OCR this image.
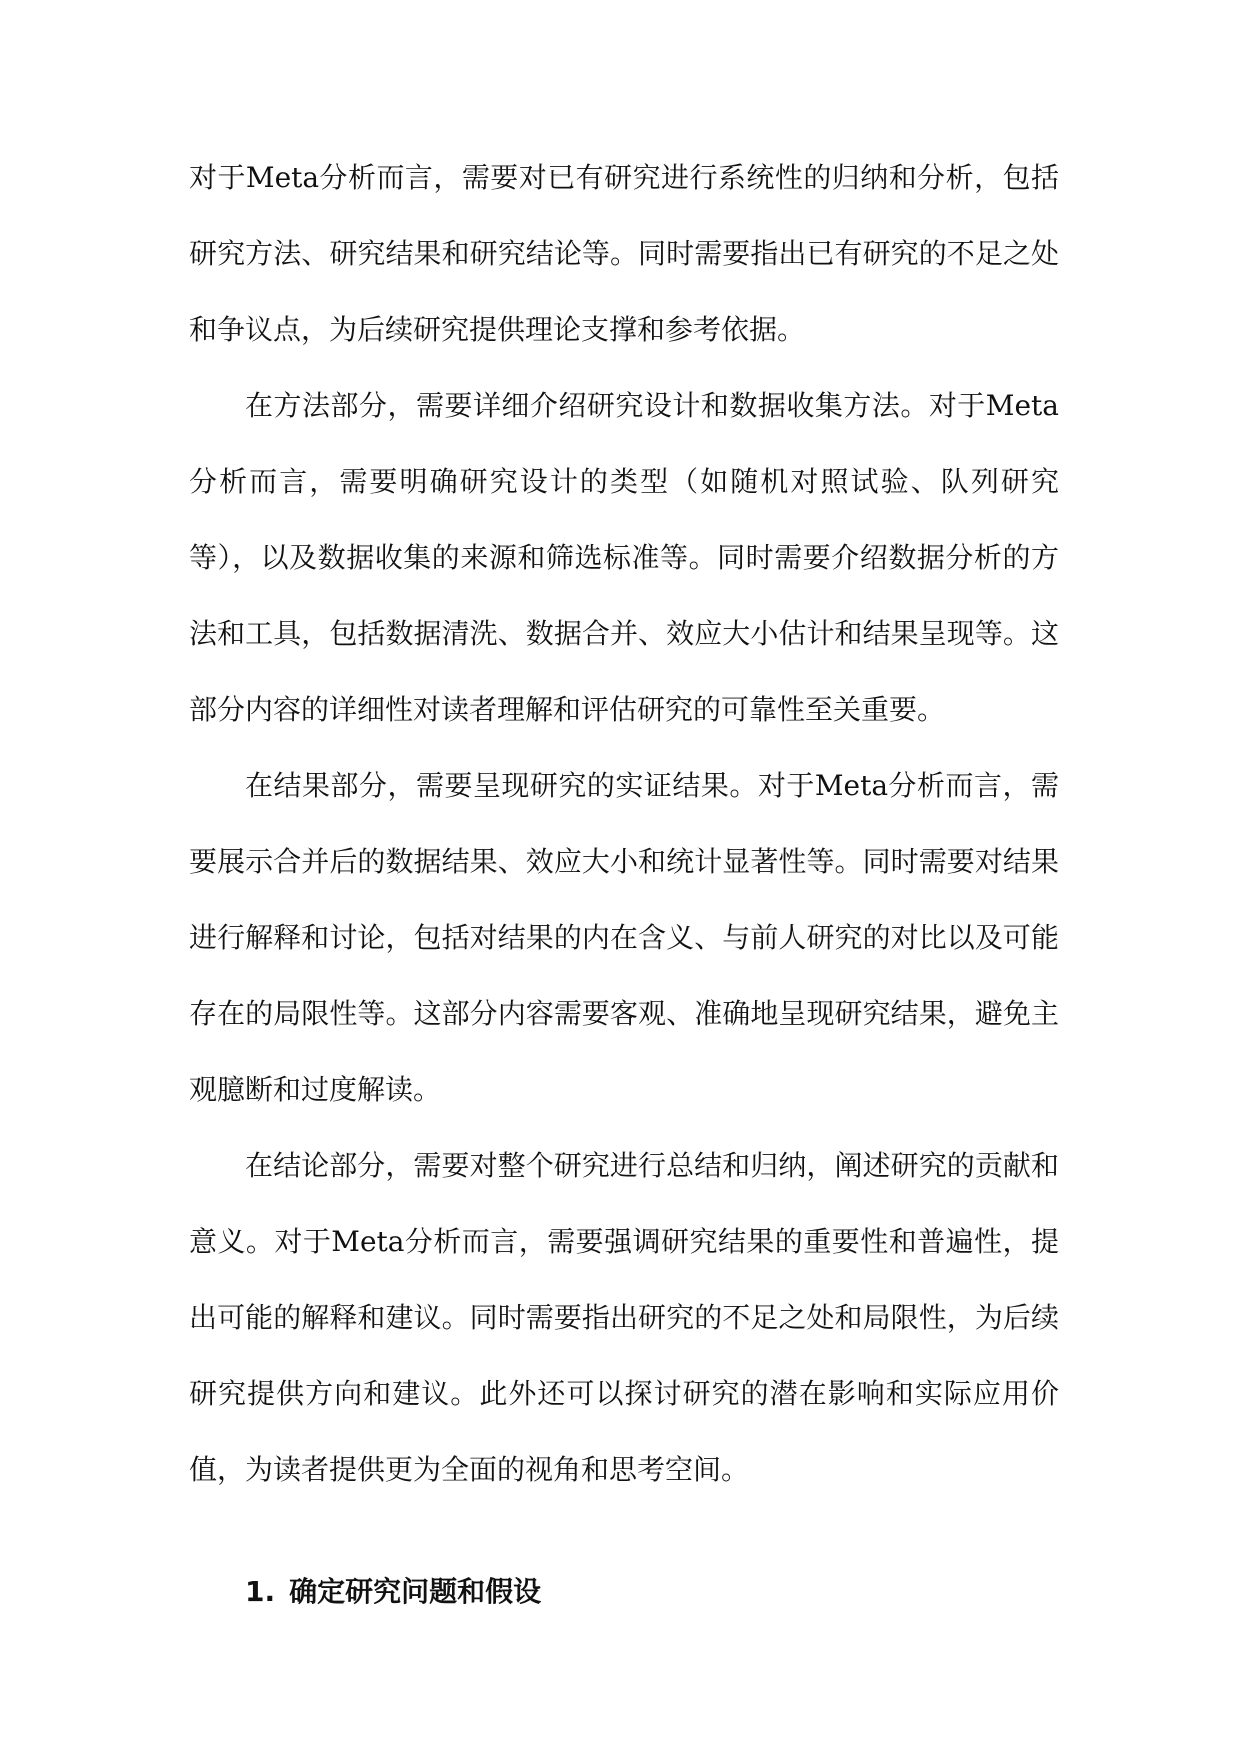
对于Meta分析而言，需要对已有研究进行系统性的归纳和分析，包括研究方法、研究结果和研究结论等。同时需要指出已有研究的不足之处和争议点，为后续研究提供理论支撑和参考依据。

在方法部分，需要详细介绍研究设计和数据收集方法。对于Meta分析而言，需要明确研究设计的类型（如随机对照试验、队列研究等），以及数据收集的来源和筛选标准等。同时需要介绍数据分析的方法和工具，包括数据清洗、数据合并、效应大小估计和结果呈现等。这部分内容的详细性对读者理解和评估研究的可靠性至关重要。

在结果部分，需要呈现研究的实证结果。对于Meta分析而言，需要展示合并后的数据结果、效应大小和统计显著性等。同时需要对结果进行解释和讨论，包括对结果的内在含义、与前人研究的对比以及可能存在的局限性等。这部分内容需要客观、准确地呈现研究结果，避免主观臆断和过度解读。

在结论部分，需要对整个研究进行总结和归纳，阐述研究的贡献和意义。对于Meta分析而言，需要强调研究结果的重要性和普遍性，提出可能的解释和建议。同时需要指出研究的不足之处和局限性，为后续研究提供方向和建议。此外还可以探讨研究的潜在影响和实际应用价值，为读者提供更为全面的视角和思考空间。

1. 确定研究问题和假设
